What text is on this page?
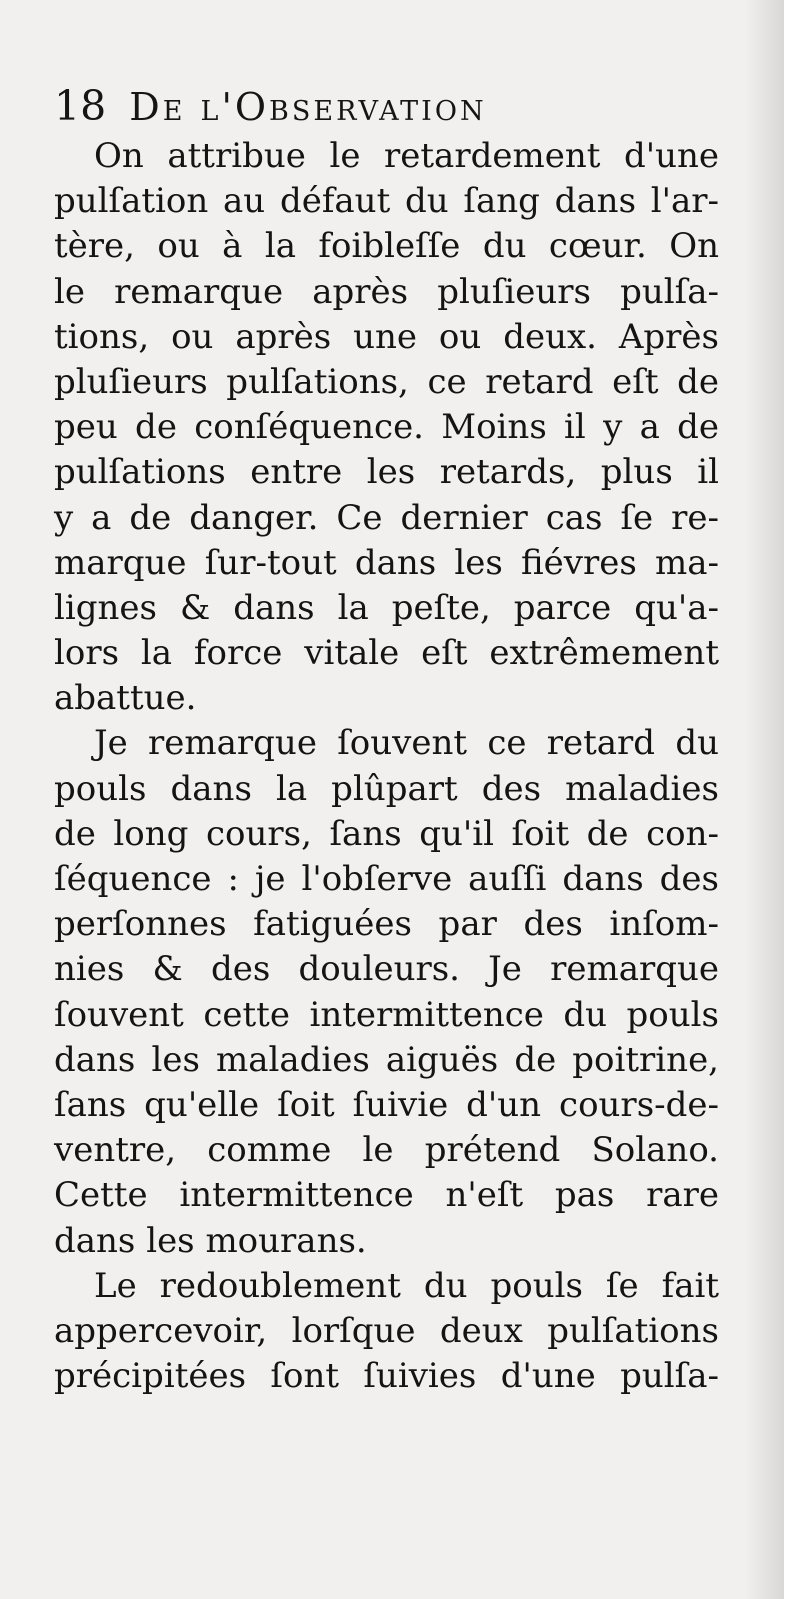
18 De l'Observation
On attribue le retardement d'une
pulſation au défaut du ſang dans l'ar-
tère, ou à la foibleſſe du cœur. On
le remarque après pluſieurs pulſa-
tions, ou après une ou deux. Après
pluſieurs pulſations, ce retard eſt de
peu de conſéquence. Moins il y a de
pulſations entre les retards, plus il
y a de danger. Ce dernier cas ſe re-
marque ſur-tout dans les fiévres ma-
lignes & dans la peſte, parce qu'a-
lors la force vitale eſt extrêmement
abattue.
Je remarque ſouvent ce retard du
pouls dans la plûpart des maladies
de long cours, ſans qu'il ſoit de con-
ſéquence : je l'obſerve auſſi dans des
perſonnes fatiguées par des inſom-
nies & des douleurs. Je remarque
ſouvent cette intermittence du pouls
dans les maladies aiguës de poitrine,
ſans qu'elle ſoit ſuivie d'un cours-de-
ventre, comme le prétend Solano.
Cette intermittence n'eſt pas rare
dans les mourans.
Le redoublement du pouls ſe fait
appercevoir, lorſque deux pulſations
précipitées ſont ſuivies d'une pulſa-
